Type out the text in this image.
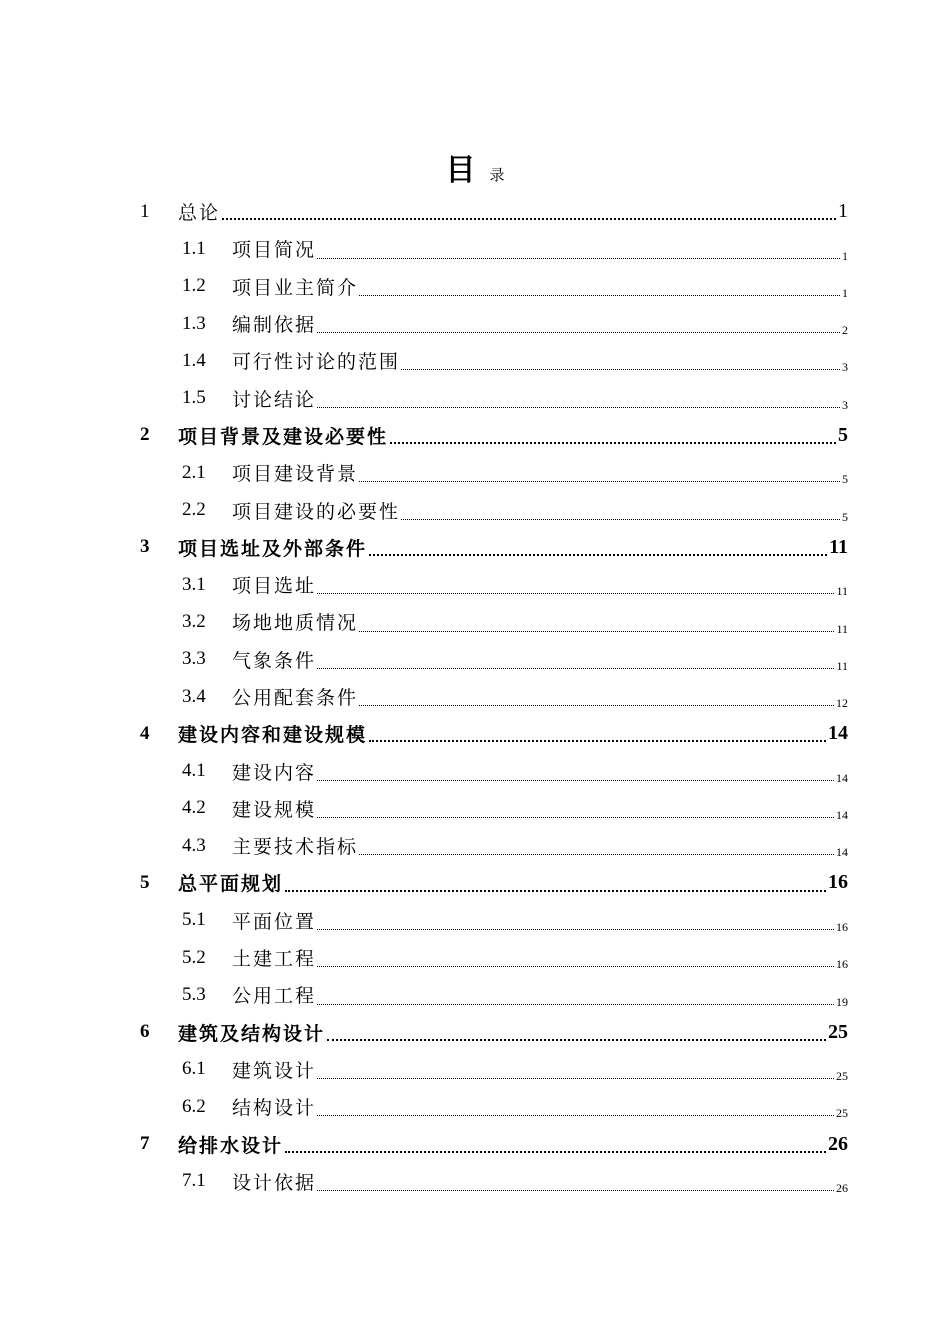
目录
1	总论	1
1.1	项目简况	1
1.2	项目业主简介	1
1.3	编制依据	2
1.4	可行性讨论的范围	3
1.5	讨论结论	3
2	项目背景及建设必要性	5
2.1	项目建设背景	5
2.2	项目建设的必要性	5
3	项目选址及外部条件	11
3.1	项目选址	11
3.2	场地地质情况	11
3.3	气象条件	11
3.4	公用配套条件	12
4	建设内容和建设规模	14
4.1	建设内容	14
4.2	建设规模	14
4.3	主要技术指标	14
5	总平面规划	16
5.1	平面位置	16
5.2	土建工程	16
5.3	公用工程	19
6	建筑及结构设计	25
6.1	建筑设计	25
6.2	结构设计	25
7	给排水设计	26
7.1	设计依据	26
